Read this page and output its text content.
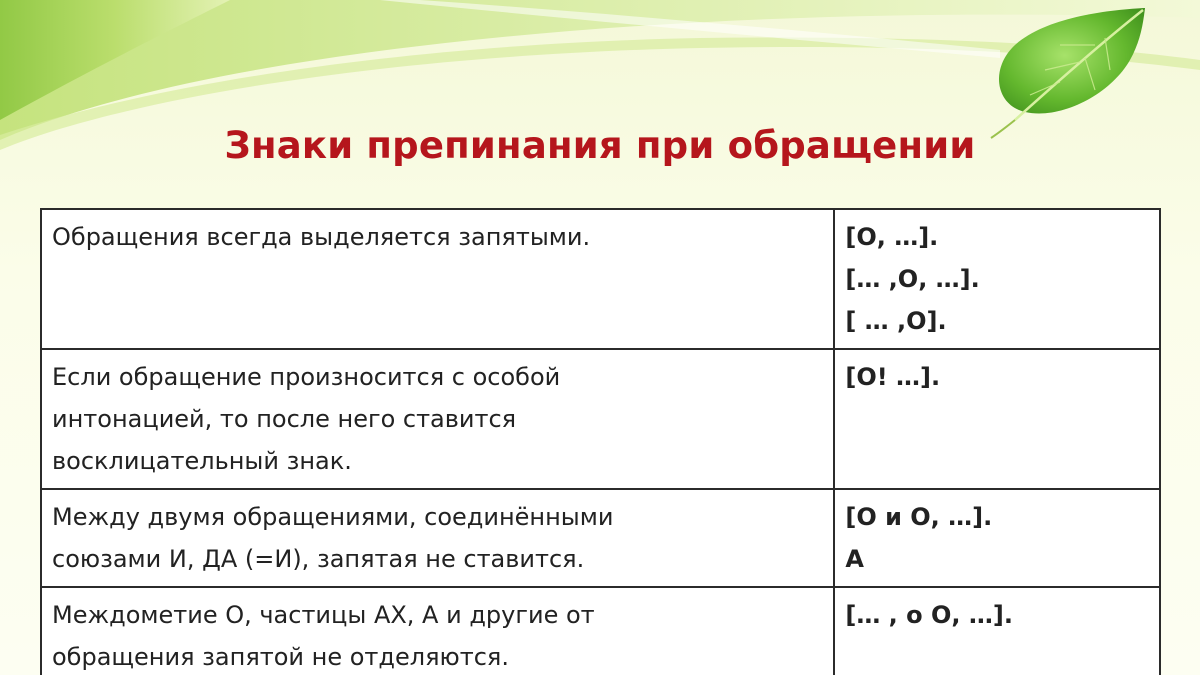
Знаки препинания при обращении
Обращения всегда выделяется запятыми.	[О, …].
[… ,О, …].
[ … ,О].

Если обращение произносится с особой
интонацией, то после него ставится
восклицательный знак.	[О! …].

Между двумя обращениями, соединёнными
союзами И, ДА (=И), запятая не ставится.	[О и О, …].
А

Междометие О, частицы АХ, А и другие от
обращения запятой не отделяются.	[… , о О, …].
